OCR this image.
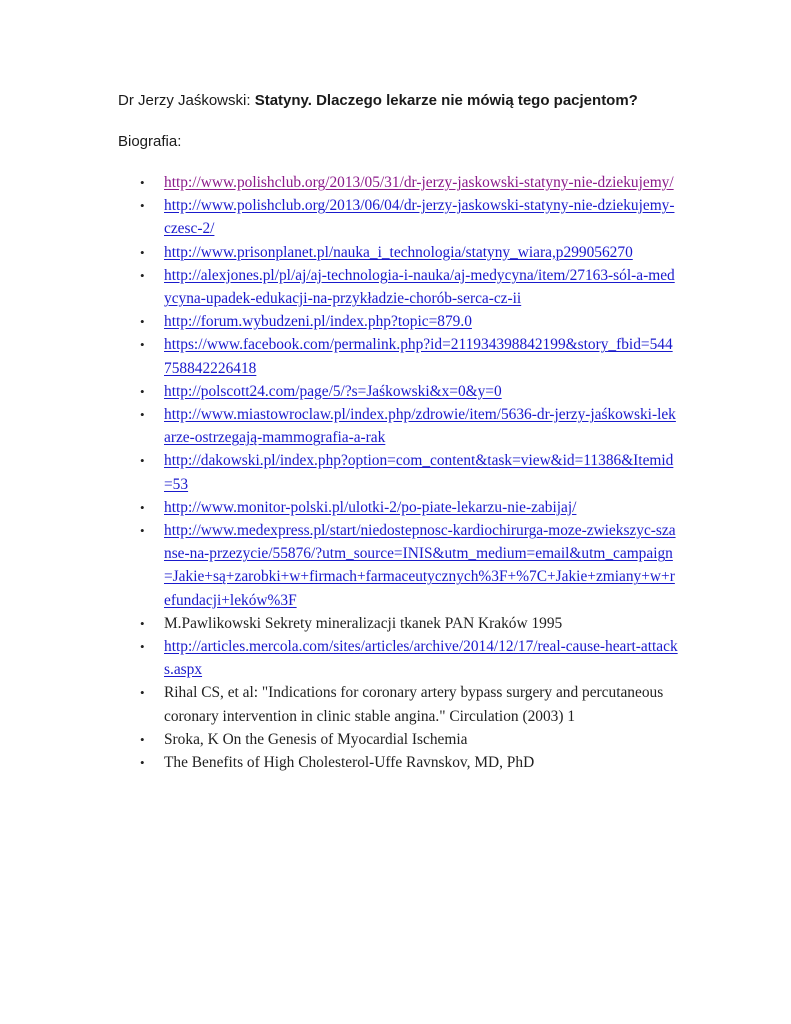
Dr Jerzy Jaśkowski: Statyny. Dlaczego lekarze nie mówią tego pacjentom?
Biografia:
• http://www.polishclub.org/2013/05/31/dr-jerzy-jaskowski-statyny-nie-dziekujemy/
• http://www.polishclub.org/2013/06/04/dr-jerzy-jaskowski-statyny-nie-dziekujemy-czesc-2/
• http://www.prisonplanet.pl/nauka_i_technologia/statyny_wiara,p299056270
• http://alexjones.pl/pl/aj/aj-technologia-i-nauka/aj-medycyna/item/27163-sól-a-medycyna-upadek-edukacji-na-przykładzie-chorób-serca-cz-ii
• http://forum.wybudzeni.pl/index.php?topic=879.0
• https://www.facebook.com/permalink.php?id=211934398842199&story_fbid=544758842226418
• http://polscott24.com/page/5/?s=Jaśkowski&x=0&y=0
• http://www.miastowroclaw.pl/index.php/zdrowie/item/5636-dr-jerzy-jaśkowski-lekarze-ostrzegają-mammografia-a-rak
• http://dakowski.pl/index.php?option=com_content&task=view&id=11386&Itemid=53
• http://www.monitor-polski.pl/ulotki-2/po-piate-lekarzu-nie-zabijaj/
• http://www.medexpress.pl/start/niedostepnosc-kardiochirurga-moze-zwiekszyc-szanse-na-przezycie/55876/?utm_source=INIS&utm_medium=email&utm_campaign=Jakie+są+zarobki+w+firmach+farmaceutycznych%3F+%7C+Jakie+zmiany+w+refundacji+leków%3F
• M.Pawlikowski Sekrety mineralizacji tkanek PAN Kraków 1995
• http://articles.mercola.com/sites/articles/archive/2014/12/17/real-cause-heart-attacks.aspx
• Rihal CS, et al: "Indications for coronary artery bypass surgery and percutaneous coronary intervention in clinic stable angina." Circulation (2003) 1
• Sroka, K On the Genesis of Myocardial Ischemia
• The Benefits of High Cholesterol-Uffe Ravnskov, MD, PhD
